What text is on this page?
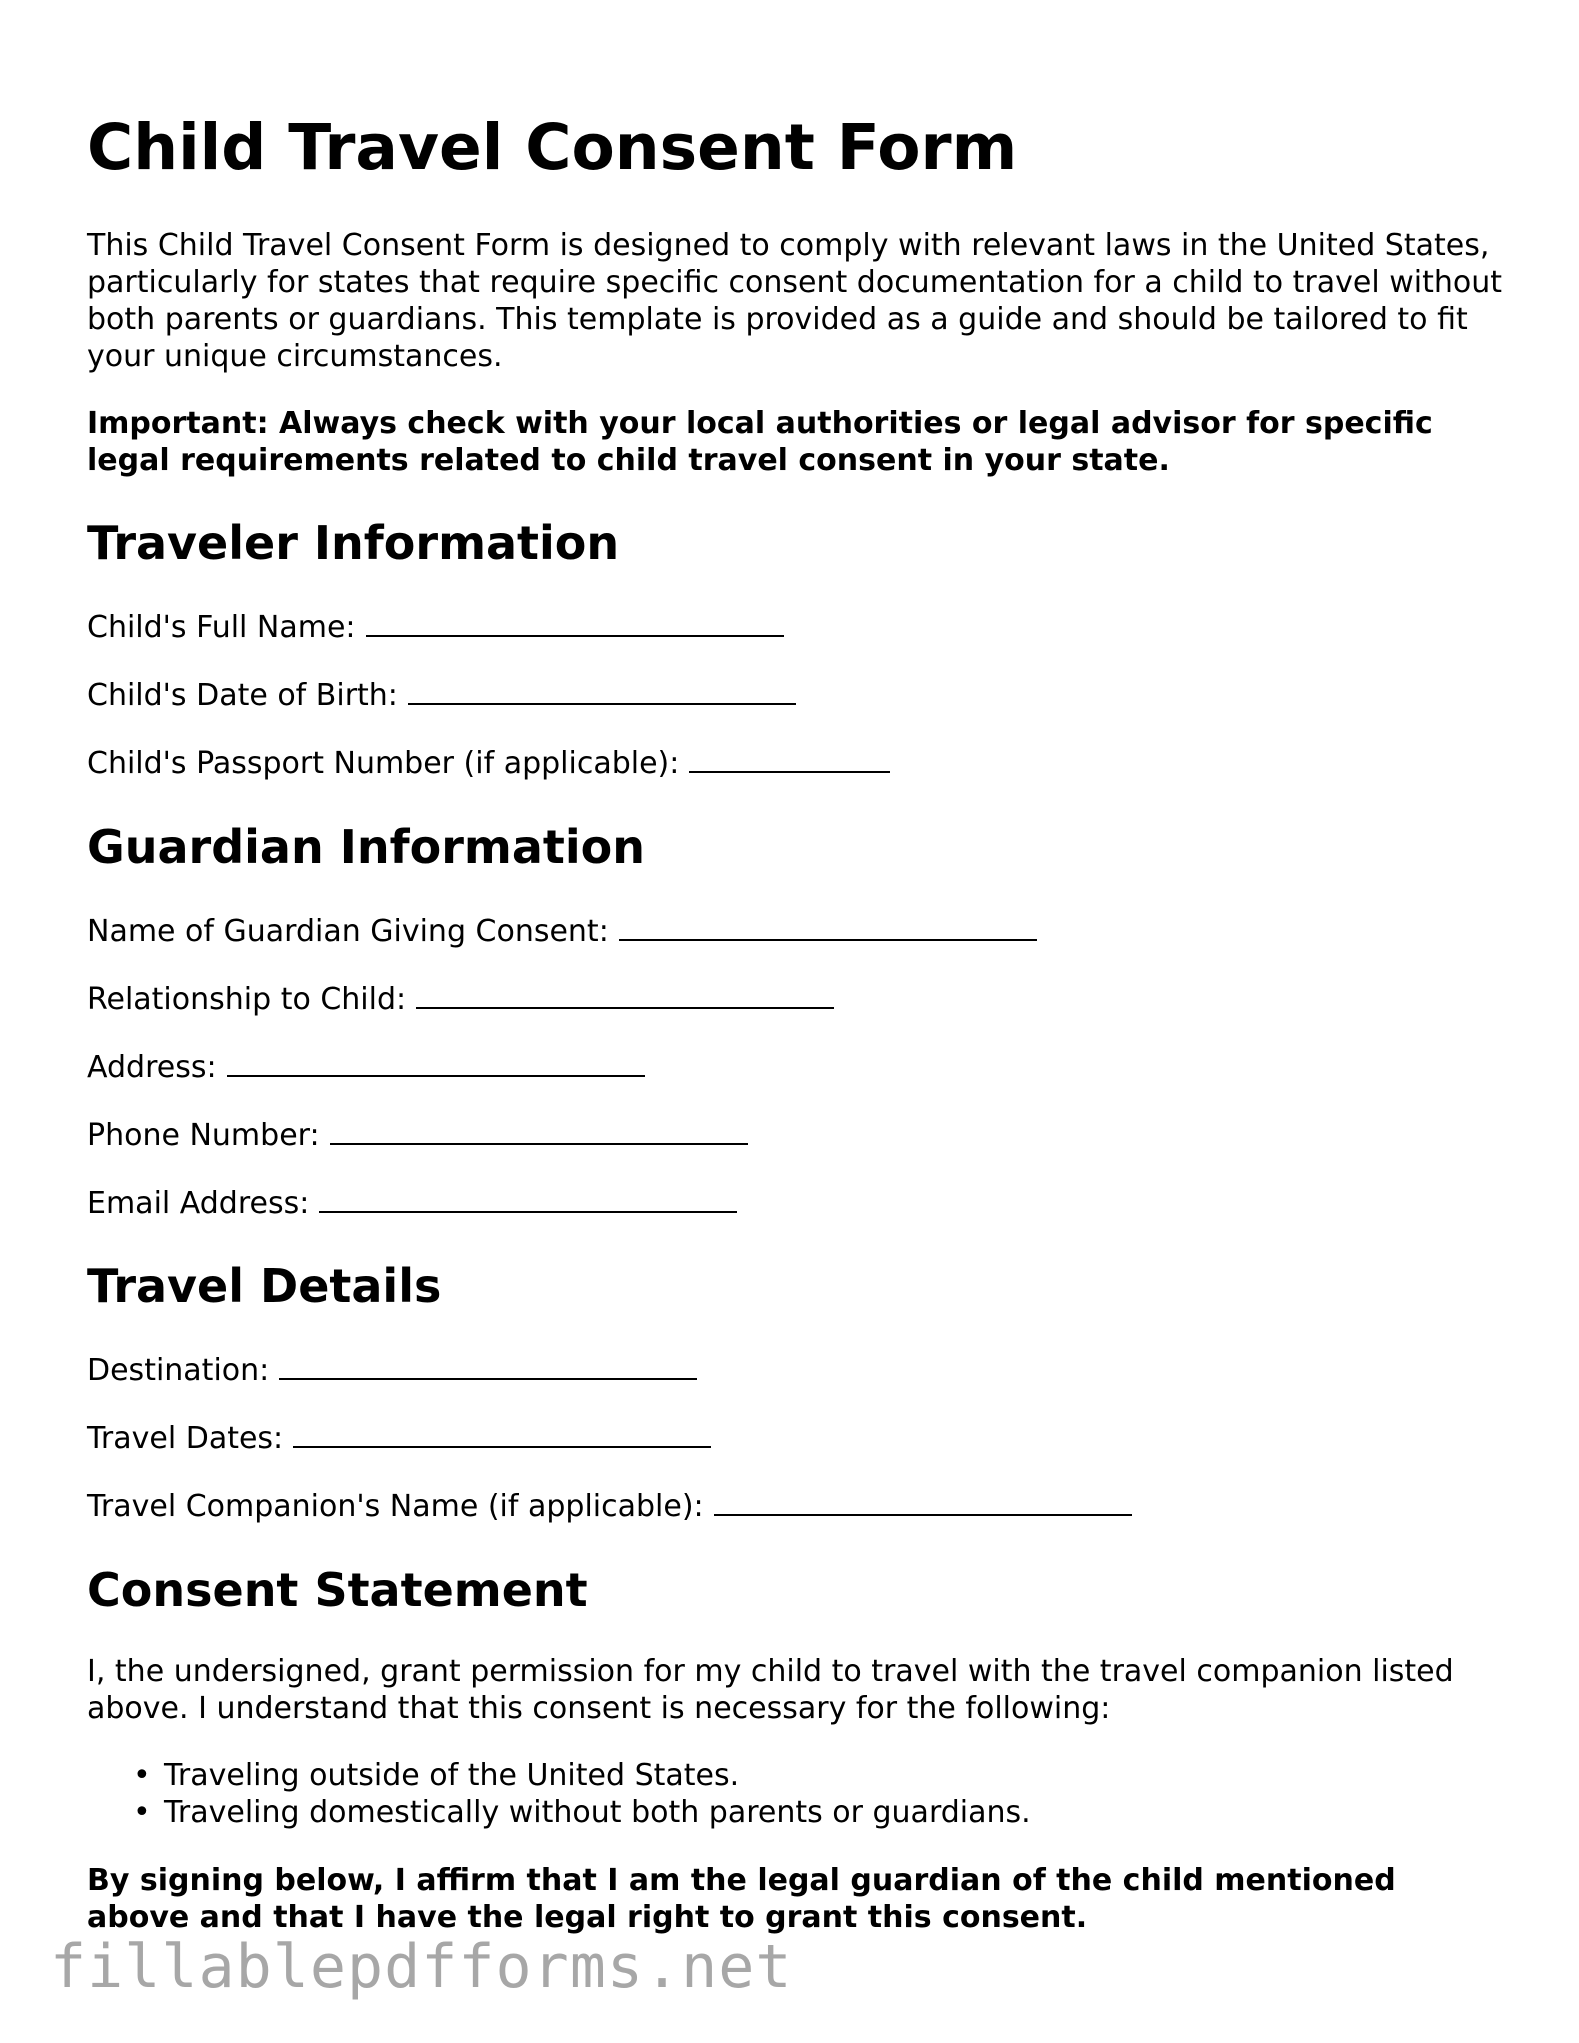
Child Travel Consent Form

This Child Travel Consent Form is designed to comply with relevant laws in the United States, particularly for states that require specific consent documentation for a child to travel without both parents or guardians. This template is provided as a guide and should be tailored to fit your unique circumstances.

Important: Always check with your local authorities or legal advisor for specific legal requirements related to child travel consent in your state.

Traveler Information

Child's Full Name:

Child's Date of Birth:

Child's Passport Number (if applicable):

Guardian Information

Name of Guardian Giving Consent:

Relationship to Child:

Address:

Phone Number:

Email Address:

Travel Details

Destination:

Travel Dates:

Travel Companion's Name (if applicable):

Consent Statement

I, the undersigned, grant permission for my child to travel with the travel companion listed above. I understand that this consent is necessary for the following:

• Traveling outside of the United States.
• Traveling domestically without both parents or guardians.

By signing below, I affirm that I am the legal guardian of the child mentioned above and that I have the legal right to grant this consent.

fillablepdfforms.net
